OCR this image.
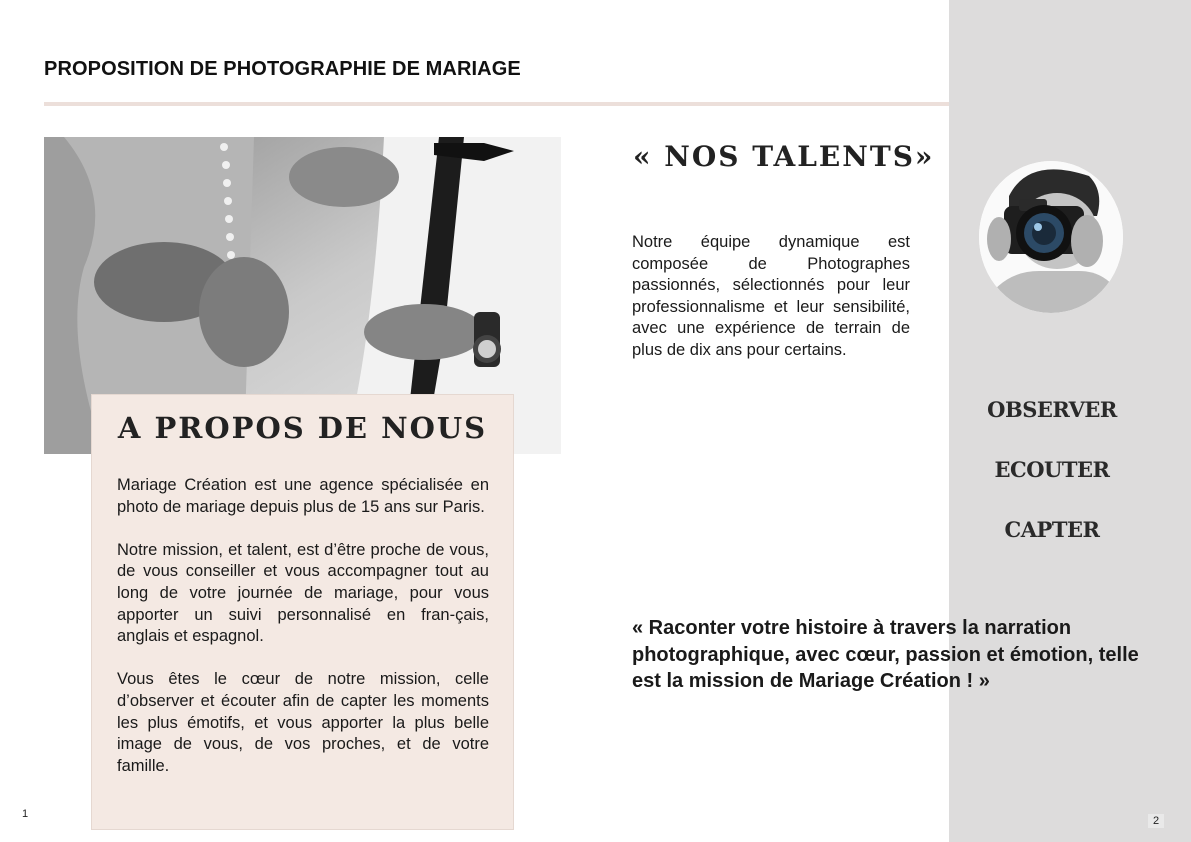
PROPOSITION DE PHOTOGRAPHIE DE MARIAGE
A PROPOS DE NOUS

Mariage Création est une agence spécialisée en photo de mariage depuis plus de 15 ans sur Paris.

Notre mission, et talent, est d’être proche de vous, de vous conseiller et vous accompagner tout au long de votre journée de mariage, pour vous apporter un suivi personnalisé en fran-çais, anglais et espagnol.

Vous êtes le cœur de notre mission, celle d’observer et écouter afin de capter les moments les plus émotifs, et vous apporter la plus belle image de vous, de vos proches, et de votre famille.

1
« NOS TALENTS»

Notre équipe dynamique est composée de Photographes passionnés, sélectionnés pour leur professionnalisme et leur sensibilité, avec une expérience de terrain de plus de dix ans pour certains.

OBSERVER
ECOUTER
CAPTER

« Raconter votre histoire à travers la narration photographique, avec cœur, passion et émotion, telle est la mission de Mariage Création ! »

2
